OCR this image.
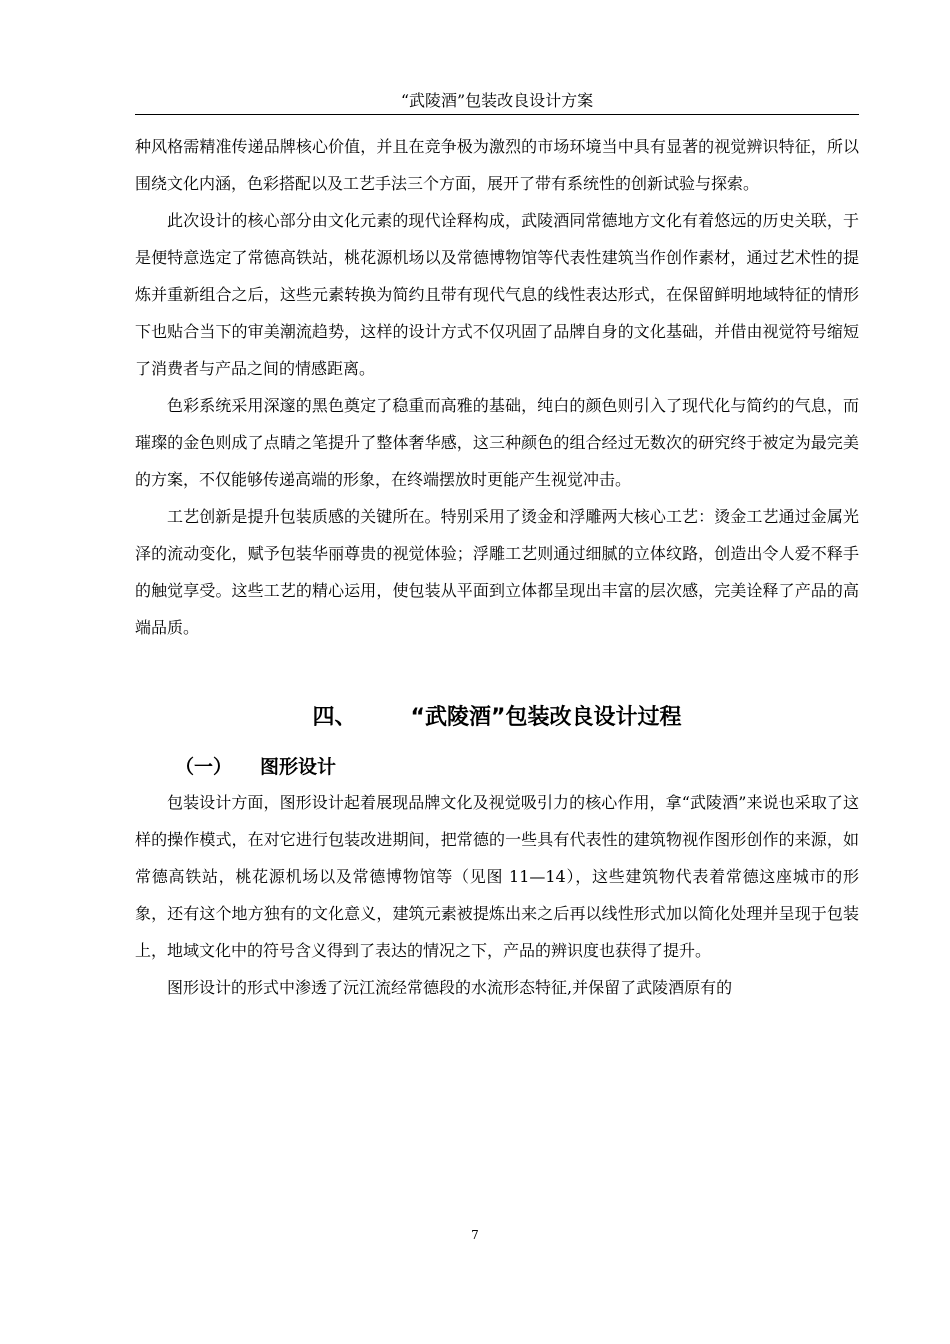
“武陵酒”包装改良设计方案

种风格需精准传递品牌核心价值，并且在竞争极为激烈的市场环境当中具有显著的视觉辨识特征，所以围绕文化内涵，色彩搭配以及工艺手法三个方面，展开了带有系统性的创新试验与探索。

此次设计的核心部分由文化元素的现代诠释构成，武陵酒同常德地方文化有着悠远的历史关联，于是便特意选定了常德高铁站，桃花源机场以及常德博物馆等代表性建筑当作创作素材，通过艺术性的提炼并重新组合之后，这些元素转换为简约且带有现代气息的线性表达形式，在保留鲜明地域特征的情形下也贴合当下的审美潮流趋势，这样的设计方式不仅巩固了品牌自身的文化基础，并借由视觉符号缩短了消费者与产品之间的情感距离。

色彩系统采用深邃的黑色奠定了稳重而高雅的基础，纯白的颜色则引入了现代化与简约的气息，而璀璨的金色则成了点睛之笔提升了整体奢华感，这三种颜色的组合经过无数次的研究终于被定为最完美的方案，不仅能够传递高端的形象，在终端摆放时更能产生视觉冲击。

工艺创新是提升包装质感的关键所在。特别采用了烫金和浮雕两大核心工艺：烫金工艺通过金属光泽的流动变化，赋予包装华丽尊贵的视觉体验；浮雕工艺则通过细腻的立体纹路，创造出令人爱不释手的触觉享受。这些工艺的精心运用，使包装从平面到立体都呈现出丰富的层次感，完美诠释了产品的高端品质。

四、 “武陵酒”包装改良设计过程
（一） 图形设计

包装设计方面，图形设计起着展现品牌文化及视觉吸引力的核心作用，拿“武陵酒”来说也采取了这样的操作模式，在对它进行包装改进期间，把常德的一些具有代表性的建筑物视作图形创作的来源，如常德高铁站，桃花源机场以及常德博物馆等（见图 11—14），这些建筑物代表着常德这座城市的形象，还有这个地方独有的文化意义，建筑元素被提炼出来之后再以线性形式加以简化处理并呈现于包装上，地域文化中的符号含义得到了表达的情况之下，产品的辨识度也获得了提升。

图形设计的形式中渗透了沅江流经常德段的水流形态特征,并保留了武陵酒原有的

7
